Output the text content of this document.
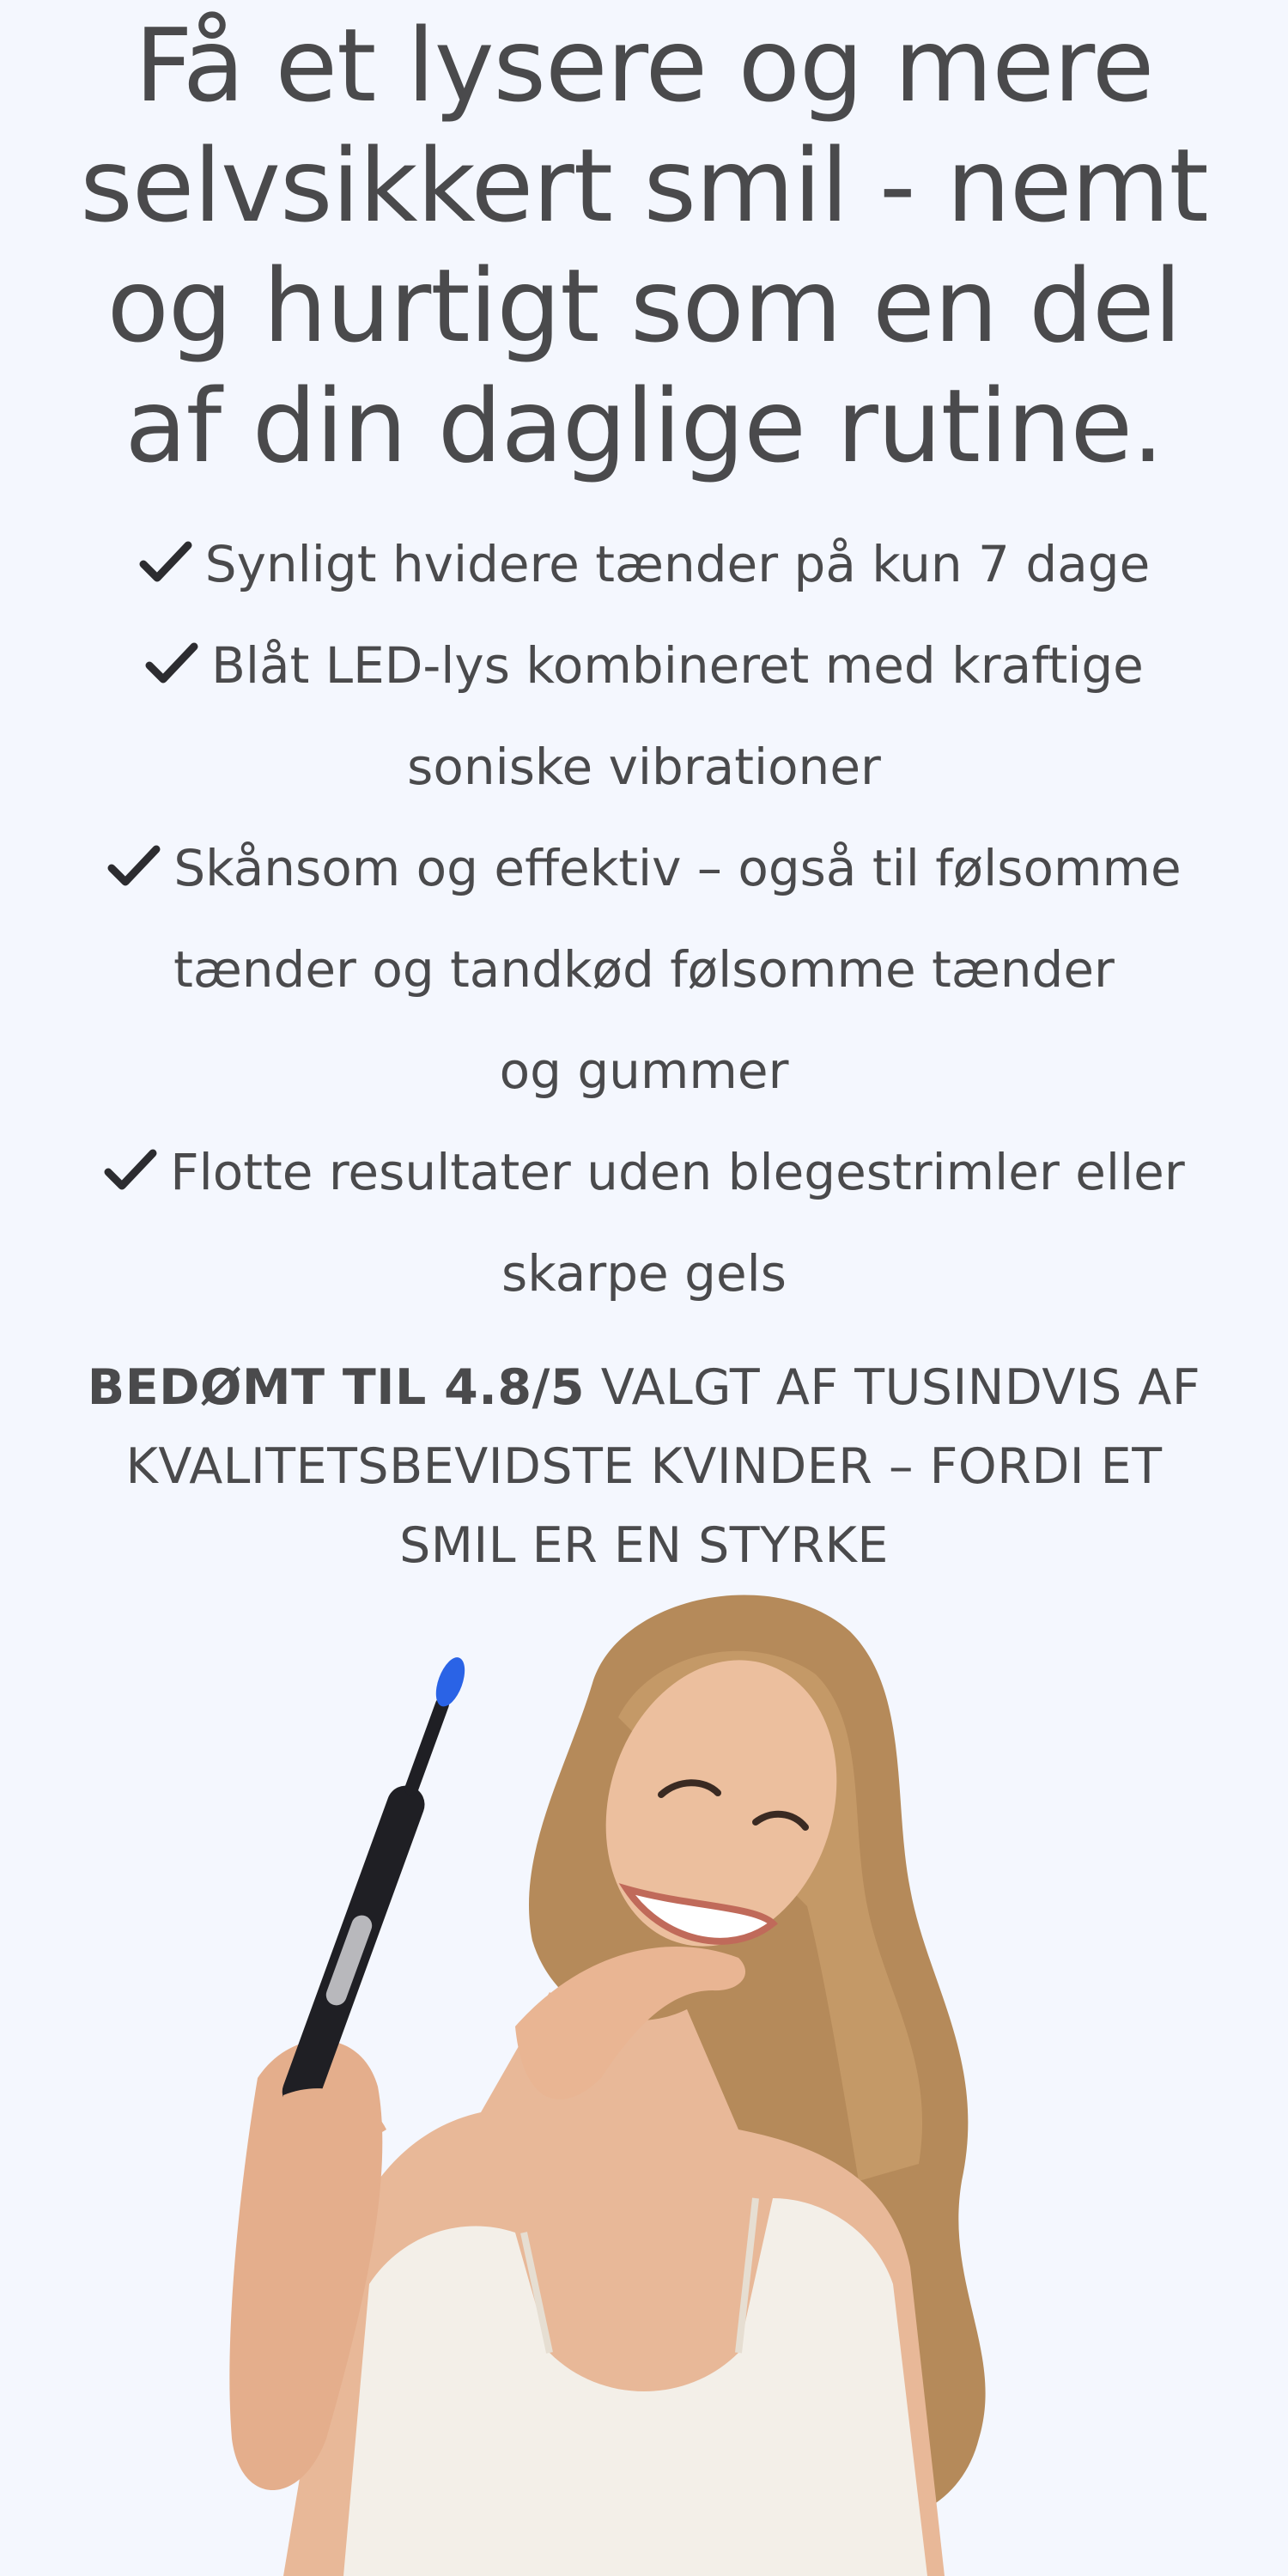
Få et lysere og mere
selvsikkert smil - nemt
og hurtigt som en del
af din daglige rutine.
Synligt hvidere tænder på kun 7 dage
Blåt LED-lys kombineret med kraftige
soniske vibrationer
Skånsom og effektiv – også til følsomme
tænder og tandkød følsomme tænder
og gummer
Flotte resultater uden blegestrimler eller
skarpe gels

BEDØMT TIL 4.8/5 VALGT AF TUSINDVIS AF
KVALITETSBEVIDSTE KVINDER – FORDI ET
SMIL ER EN STYRKE
